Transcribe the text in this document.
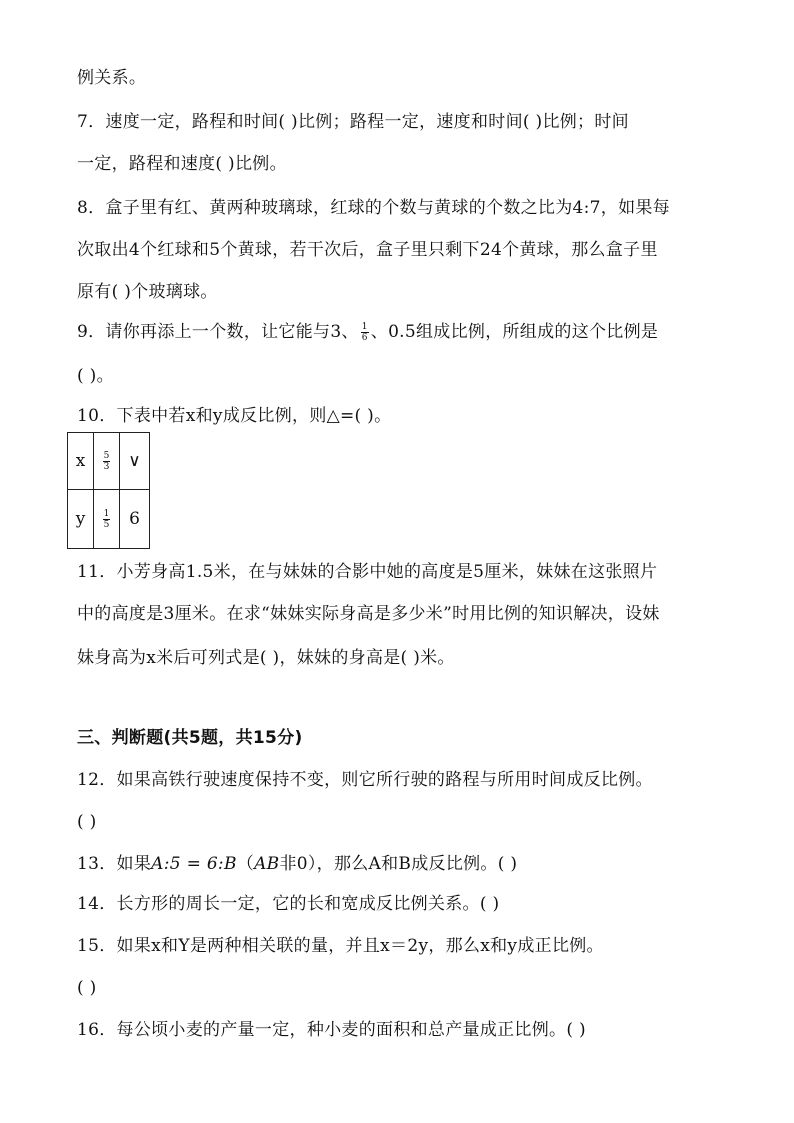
例关系。
7．速度一定，路程和时间( )比例；路程一定，速度和时间( )比例；时间
一定，路程和速度( )比例。
8．盒子里有红、黄两种玻璃球，红球的个数与黄球的个数之比为4:7，如果每
次取出4个红球和5个黄球，若干次后，盒子里只剩下24个黄球，那么盒子里
原有( )个玻璃球。
9．请你再添上一个数，让它能与3、 $\frac{1}{6}$ 、0.5组成比例，所组成的这个比例是
( )。
10．下表中若x和y成反比例，则△=( )。
x	$\frac{5}{3}$	∨
y	$\frac{1}{5}$	6
11．小芳身高1.5米，在与妹妹的合影中她的高度是5厘米，妹妹在这张照片
中的高度是3厘米。在求“妹妹实际身高是多少米”时用比例的知识解决，设妹
妹身高为x米后可列式是( )，妹妹的身高是( )米。
三、判断题(共5题，共15分)
12．如果高铁行驶速度保持不变，则它所行驶的路程与所用时间成反比例。
( )
13．如果A:5 = 6:B（AB非0），那么A和B成反比例。( )
14．长方形的周长一定，它的长和宽成反比例关系。( )
15．如果x和Y是两种相关联的量，并且x＝2y，那么x和y成正比例。
( )
16．每公顷小麦的产量一定，种小麦的面积和总产量成正比例。( )
